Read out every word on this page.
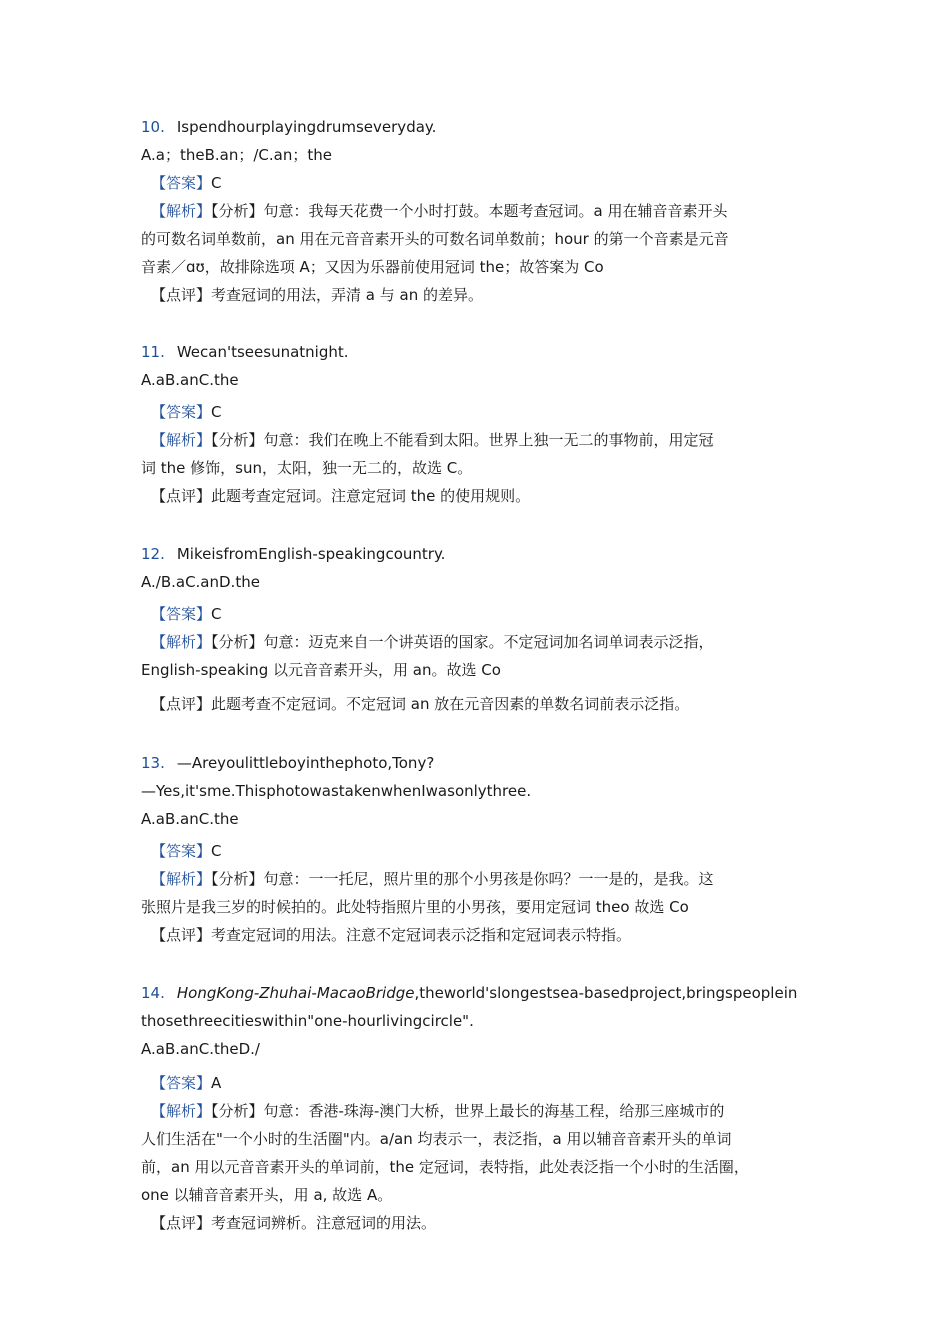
10. Ispendhourplayingdrumseveryday.
A.a；theB.an；/C.an；the
【答案】C
【解析】【分析】句意：我每天花费一个小时打鼓。本题考查冠词。a 用在辅音音素开头
的可数名词单数前，an 用在元音音素开头的可数名词单数前；hour 的第一个音素是元音
音素／ɑʊ，故排除选项 A；又因为乐器前使用冠词 the；故答案为 Cο
【点评】考查冠词的用法，弄清 a 与 an 的差异。
11. Wecan'tseesunatnight.
A.aB.anC.the
【答案】C
【解析】【分析】句意：我们在晚上不能看到太阳。世界上独一无二的事物前，用定冠
词 the 修饰，sun，太阳，独一无二的，故选 C。
【点评】此题考查定冠词。注意定冠词 the 的使用规则。
12. MikeisfromEnglish-speakingcountry.
A./B.aC.anD.the
【答案】C
【解析】【分析】句意：迈克来自一个讲英语的国家。不定冠词加名词单词表示泛指，
English-speaking 以元音音素开头，用 an。故选 Cο
【点评】此题考查不定冠词。不定冠词 an 放在元音因素的单数名词前表示泛指。
13. —Areyoulittleboyinthephoto,Tony?
—Yes,it'sme.ThisphotowastakenwhenIwasonlythree.
A.aB.anC.the
【答案】C
【解析】【分析】句意：一一托尼，照片里的那个小男孩是你吗？一一是的，是我。这
张照片是我三岁的时候拍的。此处特指照片里的小男孩，要用定冠词 theο 故选 Cο
【点评】考查定冠词的用法。注意不定冠词表示泛指和定冠词表示特指。
14. HongKong-Zhuhai-MacaoBridge,theworld'slongestsea-basedproject,bringspeoplein
thosethreecitieswithin"one-hourlivingcircle".
A.aB.anC.theD./
【答案】A
【解析】【分析】句意：香港-珠海-澳门大桥，世界上最长的海基工程，给那三座城市的
人们生活在"一个小时的生活圈"内。a/an 均表示一，表泛指，a 用以辅音音素开头的单词
前，an 用以元音音素开头的单词前，the 定冠词，表特指，此处表泛指一个小时的生活圈，
one 以辅音音素开头，用 a, 故选 A。
【点评】考查冠词辨析。注意冠词的用法。
